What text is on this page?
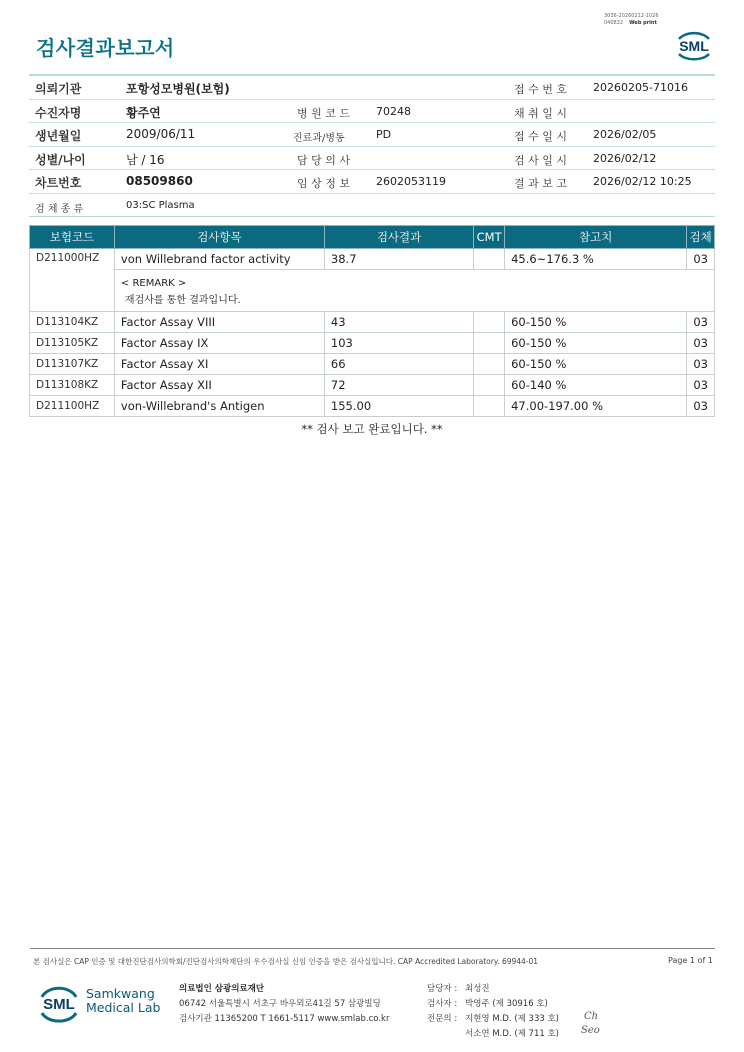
3036-20260212-1026
040822 Web print
검사결과보고서	SML
의뢰기관	포항성모병원(보험)	접 수 번 호 20260205-71016
수진자명	황주연	병 원 코 드 70248	채 취 일 시
생년월일	2009/06/11	진료과/병동	PD	접 수 일 시 2026/02/05
성별/나이	남 / 16	담 당 의 사	검 사 일 시 2026/02/12
차트번호	08509860	임 상 정 보 2602053119	결 과 보 고 2026/02/12 10:25
검 체 종 류	03:SC Plasma
보험코드	검사항목	검사결과	CMT	참고치	검체
D211000HZ	von Willebrand factor activity	38.7		45.6~176.3 %	03

	< REMARK >
재검사를 통한 결과입니다.				

D113104KZ	Factor Assay VIII	43		60-150 %	03
D113105KZ	Factor Assay IX	103		60-150 %	03
D113107KZ	Factor Assay XI	66		60-150 %	03
D113108KZ	Factor Assay XII	72		60-140 %	03
D211100HZ	von-Willebrand's Antigen	155.00		47.00-197.00 %	03
** 검사 보고 완료입니다. **
본 검사실은 CAP 인증 및 대한진단검사의학회/진단검사의학재단의 우수검사실 신임 인증을 받은 검사실입니다. CAP Accredited Laboratory. 69944-01	Page 1 of 1
SML
Samkwang
Medical Lab
의료법인 삼광의료재단
06742 서울특별시 서초구 바우뫼로41길 57 삼광빌딩
검사기관 11365200 T 1661-5117 www.smlab.co.kr
담당자 : 최성진
검사자 : 박영주 (제 30916 호)
전문의 : 지현영 M.D. (제 333 호)
서소연 M.D. (제 711 호)
Ch
Seo
